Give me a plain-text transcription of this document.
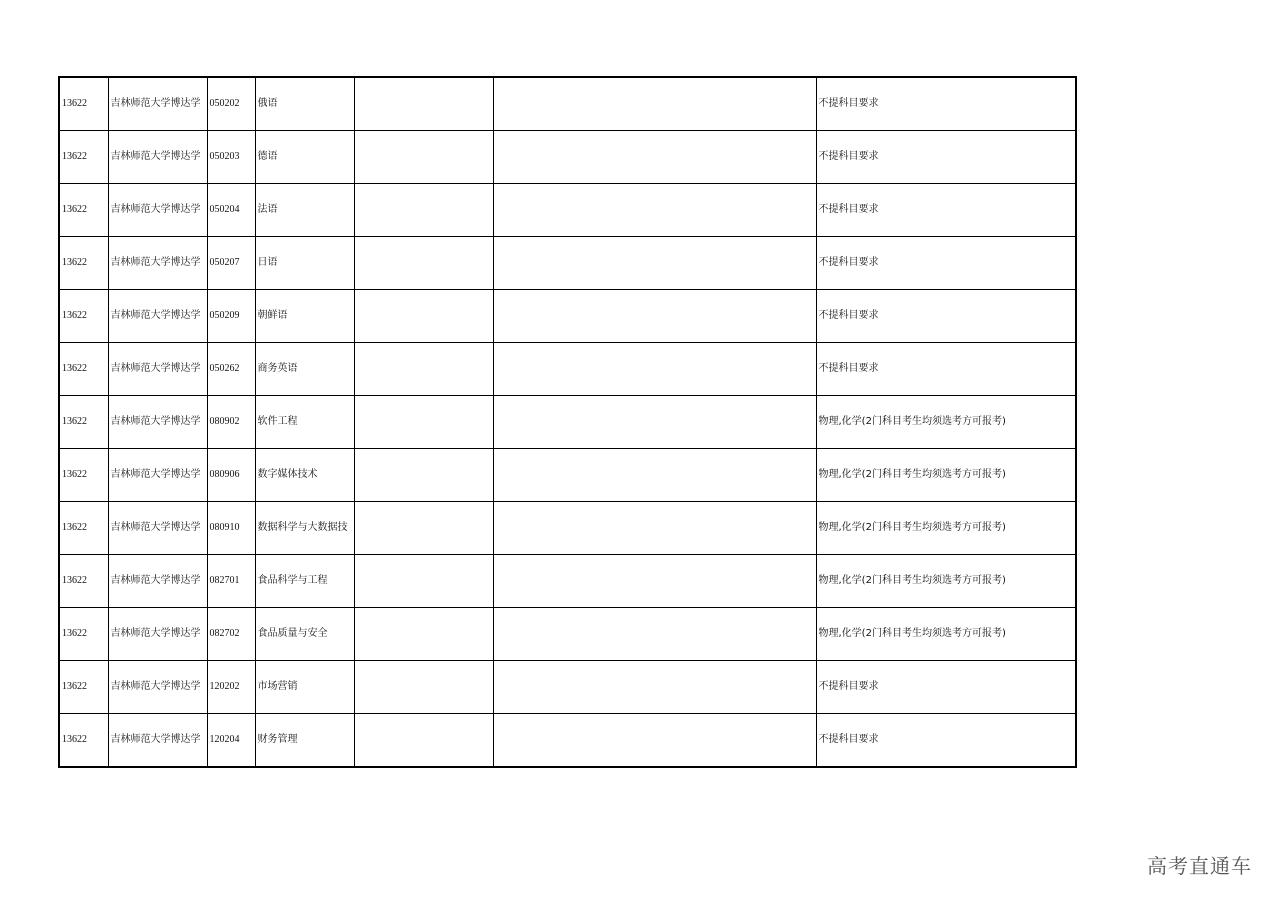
13622	吉林师范大学博达学	050202	俄语			不提科目要求
13622	吉林师范大学博达学	050203	德语			不提科目要求
13622	吉林师范大学博达学	050204	法语			不提科目要求
13622	吉林师范大学博达学	050207	日语			不提科目要求
13622	吉林师范大学博达学	050209	朝鲜语			不提科目要求
13622	吉林师范大学博达学	050262	商务英语			不提科目要求
13622	吉林师范大学博达学	080902	软件工程			物理,化学(2门科目考生均须选考方可报考)
13622	吉林师范大学博达学	080906	数字媒体技术			物理,化学(2门科目考生均须选考方可报考)
13622	吉林师范大学博达学	080910	数据科学与大数据技			物理,化学(2门科目考生均须选考方可报考)
13622	吉林师范大学博达学	082701	食品科学与工程			物理,化学(2门科目考生均须选考方可报考)
13622	吉林师范大学博达学	082702	食品质量与安全			物理,化学(2门科目考生均须选考方可报考)
13622	吉林师范大学博达学	120202	市场营销			不提科目要求
13622	吉林师范大学博达学	120204	财务管理			不提科目要求
高考直通车
